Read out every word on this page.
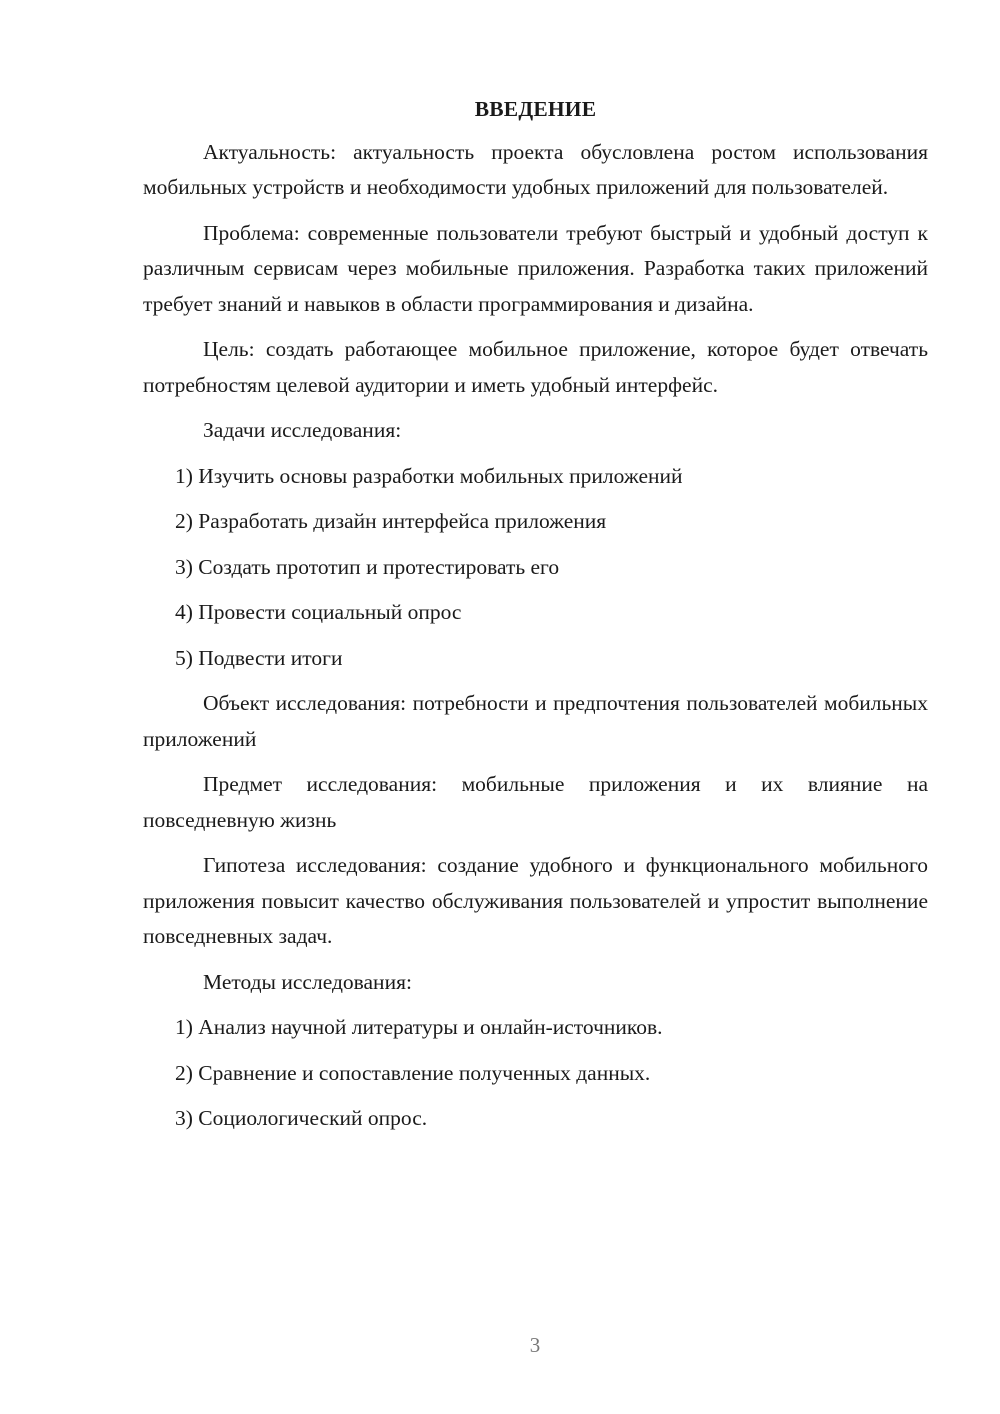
ВВЕДЕНИЕ

Актуальность: актуальность проекта обусловлена ростом использования мобильных устройств и необходимости удобных приложений для пользователей.

Проблема: современные пользователи требуют быстрый и удобный доступ к различным сервисам через мобильные приложения. Разработка таких приложений требует знаний и навыков в области программирования и дизайна.

Цель: создать работающее мобильное приложение, которое будет отвечать потребностям целевой аудитории и иметь удобный интерфейс.

Задачи исследования:

1) Изучить основы разработки мобильных приложений
2) Разработать дизайн интерфейса приложения
3) Создать прототип и протестировать его
4) Провести социальный опрос
5) Подвести итоги

Объект исследования: потребности и предпочтения пользователей мобильных приложений

Предмет исследования: мобильные приложения и их влияние на повседневную жизнь

Гипотеза исследования: создание удобного и функционального мобильного приложения повысит качество обслуживания пользователей и упростит выполнение повседневных задач.

Методы исследования:

1) Анализ научной литературы и онлайн-источников.
2) Сравнение и сопоставление полученных данных.
3) Социологический опрос.
3
